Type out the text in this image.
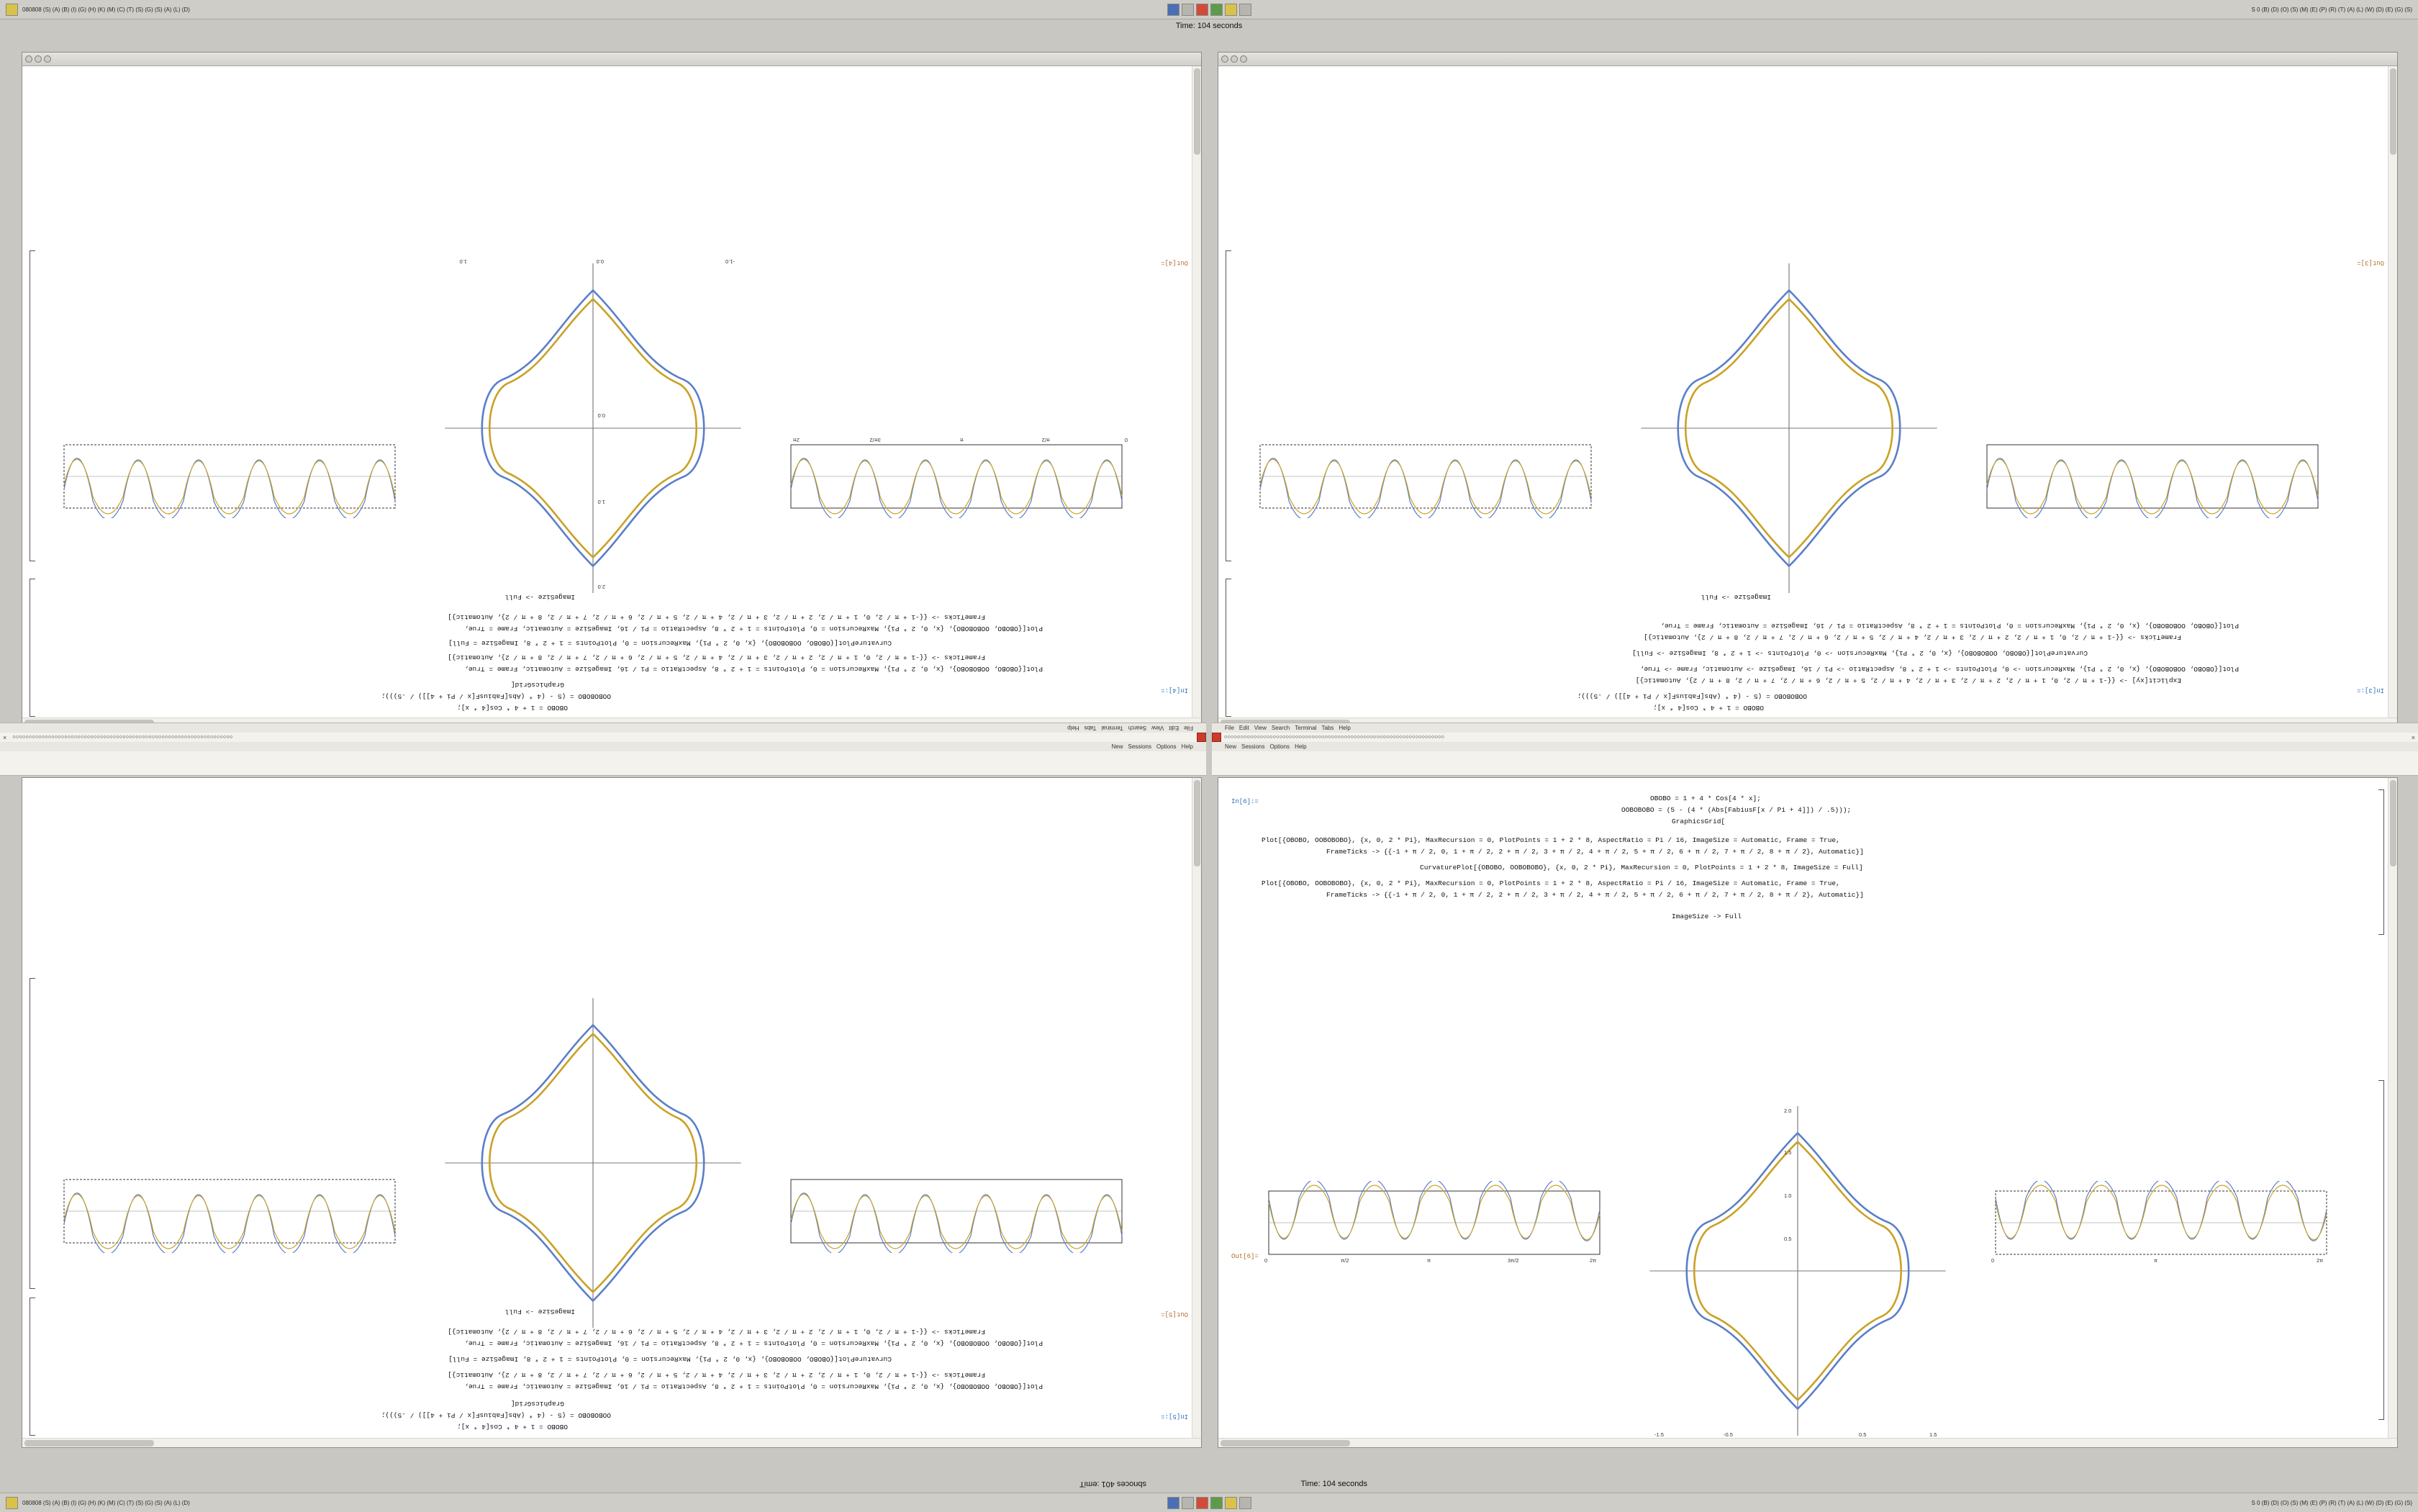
080808 (S) (A) (B) (I) (G) (H) (K) (M) (C) (T) (S) (G) (S) (A) (L) (D)	S 0 (B) (D) (O) (S) (M) (E) (P) (R) (T) (A) (L) (W) (D) (E) (G) (S)
Time: 104 seconds
In[4]:=
Out[4]=
OBOBO = 1 + 4 * Cos[4 * x];
OOBOBOBO = (5 - (4 * (Abs[FabiusF[x / Pi + 4]]) / .5)));
GraphicsGrid[
Plot[{OBOBO, OOBOBOBO}, {x, 0, 2 * Pi}, MaxRecursion = 0, PlotPoints = 1 + 2 * 8, AspectRatio = Pi / 16, ImageSize = Automatic, Frame = True,
FrameTicks -> {{-1 + π / 2, 0, 1 + π / 2, 2 + π / 2, 3 + π / 2, 4 + π / 2, 5 + π / 2, 6 + π / 2, 7 + π / 2, 8 + π / 2}, Automatic}]
CurvaturePlot[{OBOBO, OOBOBOBO}, {x, 0, 2 * Pi}, MaxRecursion = 0, PlotPoints = 1 + 2 * 8, ImageSize = Full]
Plot[{OBOBO, OOBOBOBO}, {x, 0, 2 * Pi}, MaxRecursion = 0, PlotPoints = 1 + 2 * 8, AspectRatio = Pi / 16, ImageSize = Automatic, Frame = True,
FrameTicks -> {{-1 + π / 2, 0, 1 + π / 2, 2 + π / 2, 3 + π / 2, 4 + π / 2, 5 + π / 2, 6 + π / 2, 7 + π / 2, 8 + π / 2}, Automatic}]
ImageSize -> Full
0
π/2
π
3π/2
2π
2.0
1.0
0.0
-1.0
0.0
1.0
In[3]:=
Out[3]=
OBOBO = 1 + 4 * Cos[4 * x];
OOBOBOBO = (5 - (4 * (Abs[FabiusF[x / Pi + 4]]) / .5)));
Explicit[xy] -> {{-1 + π / 2, 0, 1 + π / 2, 2 + π / 2, 3 + π / 2, 4 + π / 2, 5 + π / 2, 6 + π / 2, 7 + π / 2, 8 + π / 2}, Automatic}]
Plot[{OBOBO, OOBOBOBO}, {x, 0, 2 * Pi}, MaxRecursion -> 0, PlotPoints -> 1 + 2 * 8, AspectRatio -> Pi / 16, ImageSize -> Automatic, Frame -> True,
CurvaturePlot[{OBOBO, OOBOBOBO}, {x, 0, 2 * Pi}, MaxRecursion -> 0, PlotPoints -> 1 + 2 * 8, ImageSize -> Full]
FrameTicks -> {{-1 + π / 2, 0, 1 + π / 2, 2 + π / 2, 3 + π / 2, 4 + π / 2, 5 + π / 2, 6 + π / 2, 7 + π / 2, 8 + π / 2}, Automatic}]
Plot[{OBOBO, OOBOBOBO}, {x, 0, 2 * Pi}, MaxRecursion = 0, PlotPoints = 1 + 2 * 8, AspectRatio = Pi / 16, ImageSize = Automatic, Frame = True,
ImageSize -> Full
File
Edit
View
Search
Terminal
Tabs
Help
×	○○○○○○○○○○○○○○○○○○○○○○○○○○○○○○○○○○○○○○○○○○○○○○○○○○○○○○○○○○○○○○○○○○○○
New Sessions Options Help
File Edit View Search Terminal Tabs Help
○○○○○○○○○○○○○○○○○○○○○○○○○○○○○○○○○○○○○○○○○○○○○○○○○○○○○○○○○○○○○○○○○○○○	×
New Sessions Options Help
In[5]:=
Out[5]=
OBOBO = 1 + 4 * Cos[4 * x];
OOBOBOBO = (5 - (4 * (Abs[FabiusF[x / Pi + 4]]) / .5)));
GraphicsGrid[
Plot[{OBOBO, OOBOBOBO}, {x, 0, 2 * Pi}, MaxRecursion = 0, PlotPoints = 1 + 2 * 8, AspectRatio = Pi / 16, ImageSize = Automatic, Frame = True,
FrameTicks -> {{-1 + π / 2, 0, 1 + π / 2, 2 + π / 2, 3 + π / 2, 4 + π / 2, 5 + π / 2, 6 + π / 2, 7 + π / 2, 8 + π / 2}, Automatic}]
CurvaturePlot[{OBOBO, OOBOBOBO}, {x, 0, 2 * Pi}, MaxRecursion = 0, PlotPoints = 1 + 2 * 8, ImageSize = Full]
Plot[{OBOBO, OOBOBOBO}, {x, 0, 2 * Pi}, MaxRecursion = 0, PlotPoints = 1 + 2 * 8, AspectRatio = Pi / 16, ImageSize = Automatic, Frame = True,
FrameTicks -> {{-1 + π / 2, 0, 1 + π / 2, 2 + π / 2, 3 + π / 2, 4 + π / 2, 5 + π / 2, 6 + π / 2, 7 + π / 2, 8 + π / 2}, Automatic}]
ImageSize -> Full
In[6]:=
Out[6]=
OBOBO = 1 + 4 * Cos[4 * x];
OOBOBOBO = (5 - (4 * (Abs[FabiusF[x / Pi + 4]]) / .5)));
GraphicsGrid[
Plot[{OBOBO, OOBOBOBO}, {x, 0, 2 * Pi}, MaxRecursion = 0, PlotPoints = 1 + 2 * 8, AspectRatio = Pi / 16, ImageSize = Automatic, Frame = True,
FrameTicks -> {{-1 + π / 2, 0, 1 + π / 2, 2 + π / 2, 3 + π / 2, 4 + π / 2, 5 + π / 2, 6 + π / 2, 7 + π / 2, 8 + π / 2}, Automatic}]
CurvaturePlot[{OBOBO, OOBOBOBO}, {x, 0, 2 * Pi}, MaxRecursion = 0, PlotPoints = 1 + 2 * 8, ImageSize = Full]
Plot[{OBOBO, OOBOBOBO}, {x, 0, 2 * Pi}, MaxRecursion = 0, PlotPoints = 1 + 2 * 8, AspectRatio = Pi / 16, ImageSize = Automatic, Frame = True,
FrameTicks -> {{-1 + π / 2, 0, 1 + π / 2, 2 + π / 2, 3 + π / 2, 4 + π / 2, 5 + π / 2, 6 + π / 2, 7 + π / 2, 8 + π / 2}, Automatic}]
ImageSize -> Full
0	π/2	π	3π/2	2π
2.0
1.5
1.0
0.5
-1.5	-0.5	0.5	1.5
0	π	2π
sbnoces 401 :emiT	Time: 104 seconds
080808 (S) (A) (B) (I) (G) (H) (K) (M) (C) (T) (S) (G) (S) (A) (L) (D)	S 0 (B) (D) (O) (S) (M) (E) (P) (R) (T) (A) (L) (W) (D) (E) (G) (S)
